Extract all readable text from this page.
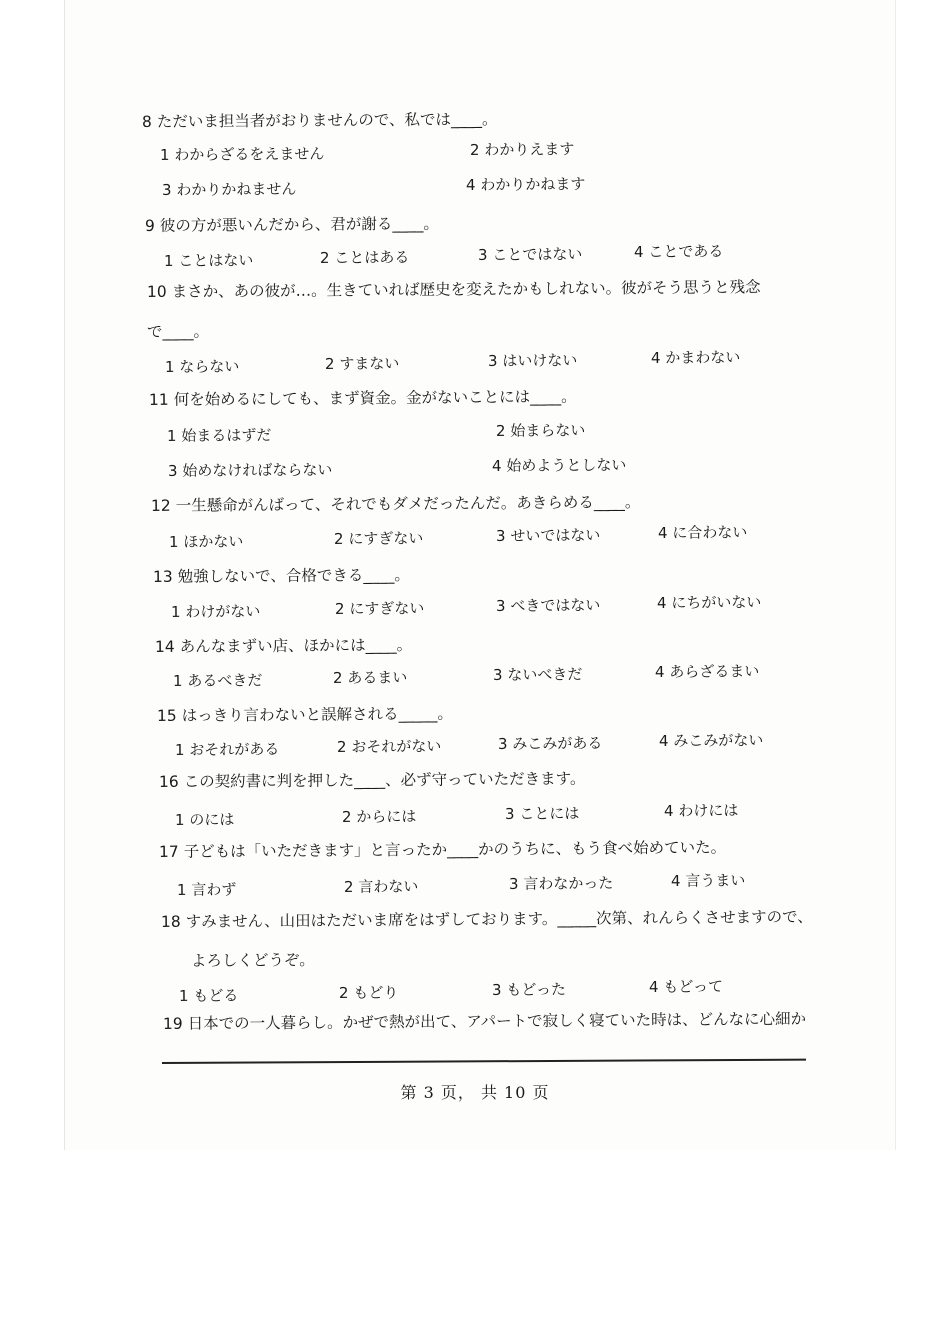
8 ただいま担当者がおりませんので、私では____。
1 わからざるをえません	2 わかりえます
3 わかりかねません	4 わかりかねます
9 彼の方が悪いんだから、君が謝る____。
1 ことはない	2 ことはある	3 ことではない	4 ことである
10 まさか、あの彼が…。生きていれば歴史を変えたかもしれない。彼がそう思うと残念
で____。
1 ならない	2 すまない	3 はいけない	4 かまわない
11 何を始めるにしても、まず資金。金がないことには____。
1 始まるはずだ	2 始まらない
3 始めなければならない	4 始めようとしない
12 一生懸命がんばって、それでもダメだったんだ。あきらめる____。
1 ほかない	2 にすぎない	3 せいではない	4 に合わない
13 勉強しないで、合格できる____。
1 わけがない	2 にすぎない	3 べきではない	4 にちがいない
14 あんなまずい店、ほかには____。
1 あるべきだ	2 あるまい	3 ないべきだ	4 あらざるまい
15 はっきり言わないと誤解される_____。
1 おそれがある	2 おそれがない	3 みこみがある	4 みこみがない
16 この契約書に判を押した____、必ず守っていただきます。
1 のには	2 からには	3 ことには	4 わけには
17 子どもは「いただきます」と言ったか____かのうちに、もう食べ始めていた。
1 言わず	2 言わない	3 言わなかった	4 言うまい
18 すみません、山田はただいま席をはずしております。_____次第、れんらくさせますので、
よろしくどうぞ。
1 もどる	2 もどり	3 もどった	4 もどって
19 日本での一人暮らし。かぜで熱が出て、アパートで寂しく寝ていた時は、どんなに心細か
第 3 页， 共 10 页
